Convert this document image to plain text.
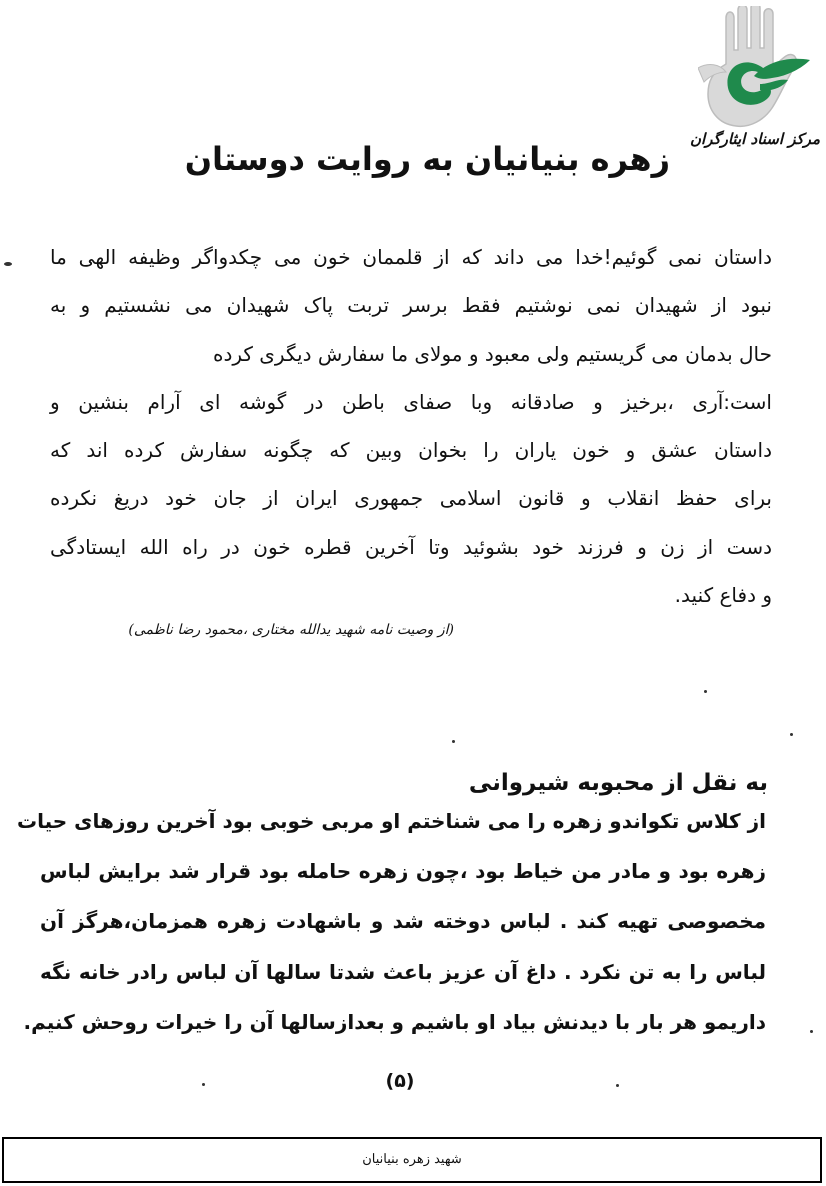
مرکز اسناد ایثارگران
زهره بنیانیان به روایت دوستان
داستان نمی گوئیم!خدا می داند که از قلممان خون می چکدواگر وظیفه الهی ما
نبود از شهیدان نمی نوشتیم فقط برسر تربت پاک شهیدان می نشستیم و به
حال بدمان می گریستیم ولی معبود و مولای ما سفارش دیگری کرده
است:آری ،برخیز و صادقانه وبا صفای باطن در گوشه ای آرام بنشین و
داستان عشق و خون یاران را بخوان وبین که چگونه سفارش کرده اند که
برای حفظ انقلاب و قانون اسلامی جمهوری ایران از جان خود دریغ نکرده
دست از زن و فرزند خود بشوئید وتا آخرین قطره خون در راه الله ایستادگی
و دفاع کنید.
(از وصیت نامه شهید یدالله مختاری ،محمود رضا ناظمی)
به نقل از محبوبه شیروانی
از کلاس تکواندو زهره را می شناختم او مربی خوبی بود آخرین روزهای حیات
زهره بود و مادر من خیاط بود ،چون زهره حامله بود قرار شد برایش لباس
مخصوصی تهیه کند . لباس دوخته شد و باشهادت زهره همزمان،هرگز آن
لباس را به تن نکرد . داغ آن عزیز باعث شدتا سالها آن لباس رادر خانه نگه
داریمو هر بار با دیدنش بیاد او باشیم و بعدازسالها آن را خیرات روحش کنیم.
(۵)
شهید زهره بنیانیان
